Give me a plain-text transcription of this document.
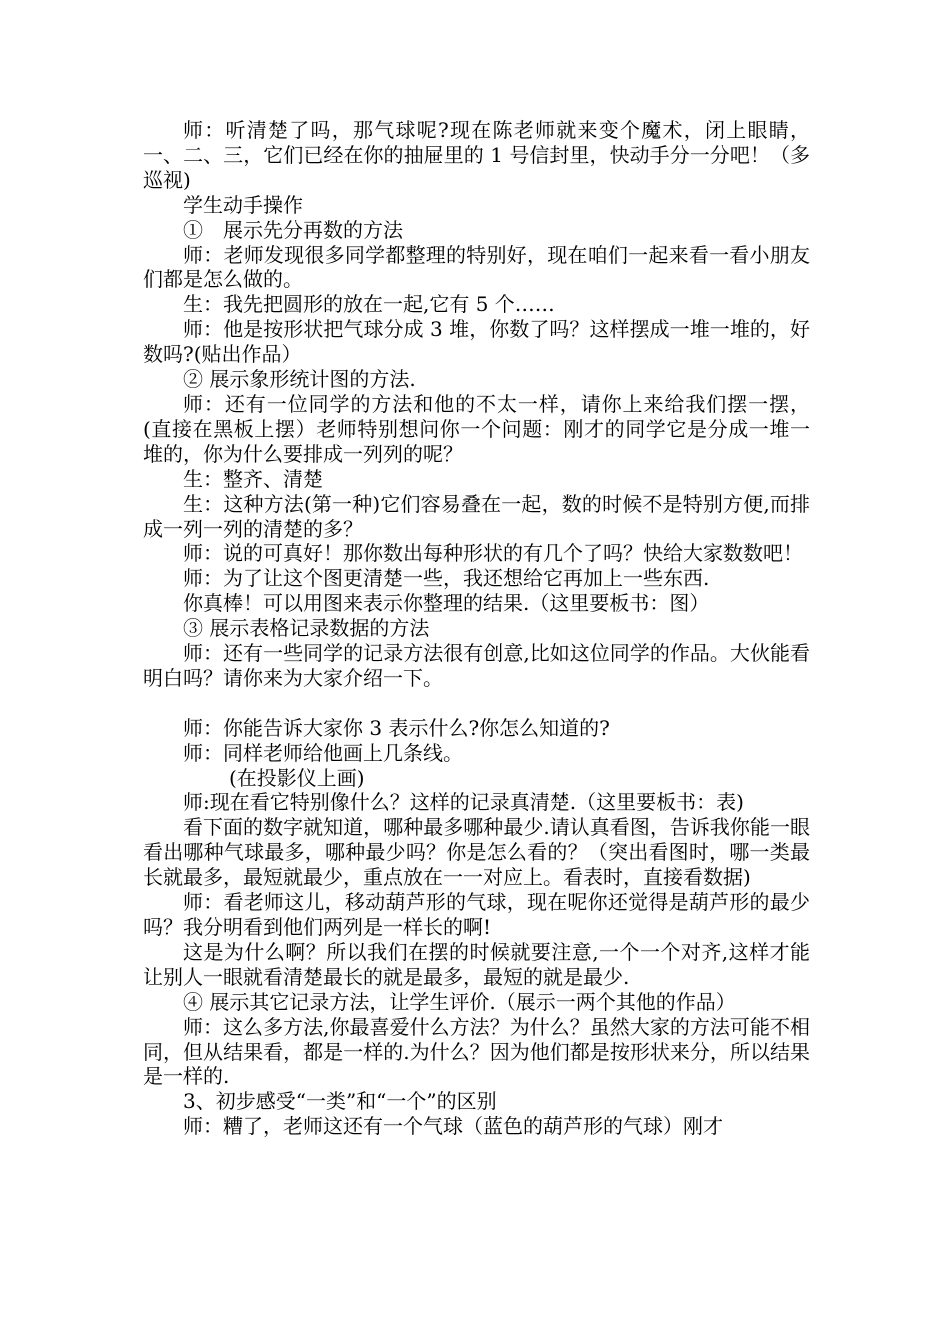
师：听清楚了吗，那气球呢?现在陈老师就来变个魔术，闭上眼睛，一、二、三，它们已经在你的抽屉里的 1 号信封里，快动手分一分吧！（多巡视)

学生动手操作

①　展示先分再数的方法

师：老师发现很多同学都整理的特别好，现在咱们一起来看一看小朋友们都是怎么做的。

生：我先把圆形的放在一起,它有 5 个……

师：他是按形状把气球分成 3 堆，你数了吗？这样摆成一堆一堆的，好数吗?(贴出作品）

② 展示象形统计图的方法.

师：还有一位同学的方法和他的不太一样，请你上来给我们摆一摆，(直接在黑板上摆）老师特别想问你一个问题：刚才的同学它是分成一堆一堆的，你为什么要排成一列列的呢？

生：整齐、清楚

生：这种方法(第一种)它们容易叠在一起，数的时候不是特别方便,而排成一列一列的清楚的多？

师：说的可真好！那你数出每种形状的有几个了吗？快给大家数数吧！

师：为了让这个图更清楚一些，我还想给它再加上一些东西.

你真棒！可以用图来表示你整理的结果.（这里要板书：图）

③ 展示表格记录数据的方法

师：还有一些同学的记录方法很有创意,比如这位同学的作品。大伙能看明白吗？请你来为大家介绍一下。

师：你能告诉大家你 3 表示什么?你怎么知道的?

师：同样老师给他画上几条线。

(在投影仪上画)

师:现在看它特别像什么？这样的记录真清楚.（这里要板书：表)

看下面的数字就知道，哪种最多哪种最少.请认真看图，告诉我你能一眼看出哪种气球最多，哪种最少吗？你是怎么看的？（突出看图时，哪一类最长就最多，最短就最少，重点放在一一对应上。看表时，直接看数据)

师：看老师这儿，移动葫芦形的气球，现在呢你还觉得是葫芦形的最少吗？我分明看到他们两列是一样长的啊!

这是为什么啊？所以我们在摆的时候就要注意,一个一个对齐,这样才能让别人一眼就看清楚最长的就是最多，最短的就是最少.

④ 展示其它记录方法，让学生评价.（展示一两个其他的作品）

师：这么多方法,你最喜爱什么方法？为什么？虽然大家的方法可能不相同，但从结果看，都是一样的.为什么？因为他们都是按形状来分，所以结果是一样的.

3、初步感受“一类”和“一个”的区别

师：糟了，老师这还有一个气球（蓝色的葫芦形的气球）刚才
